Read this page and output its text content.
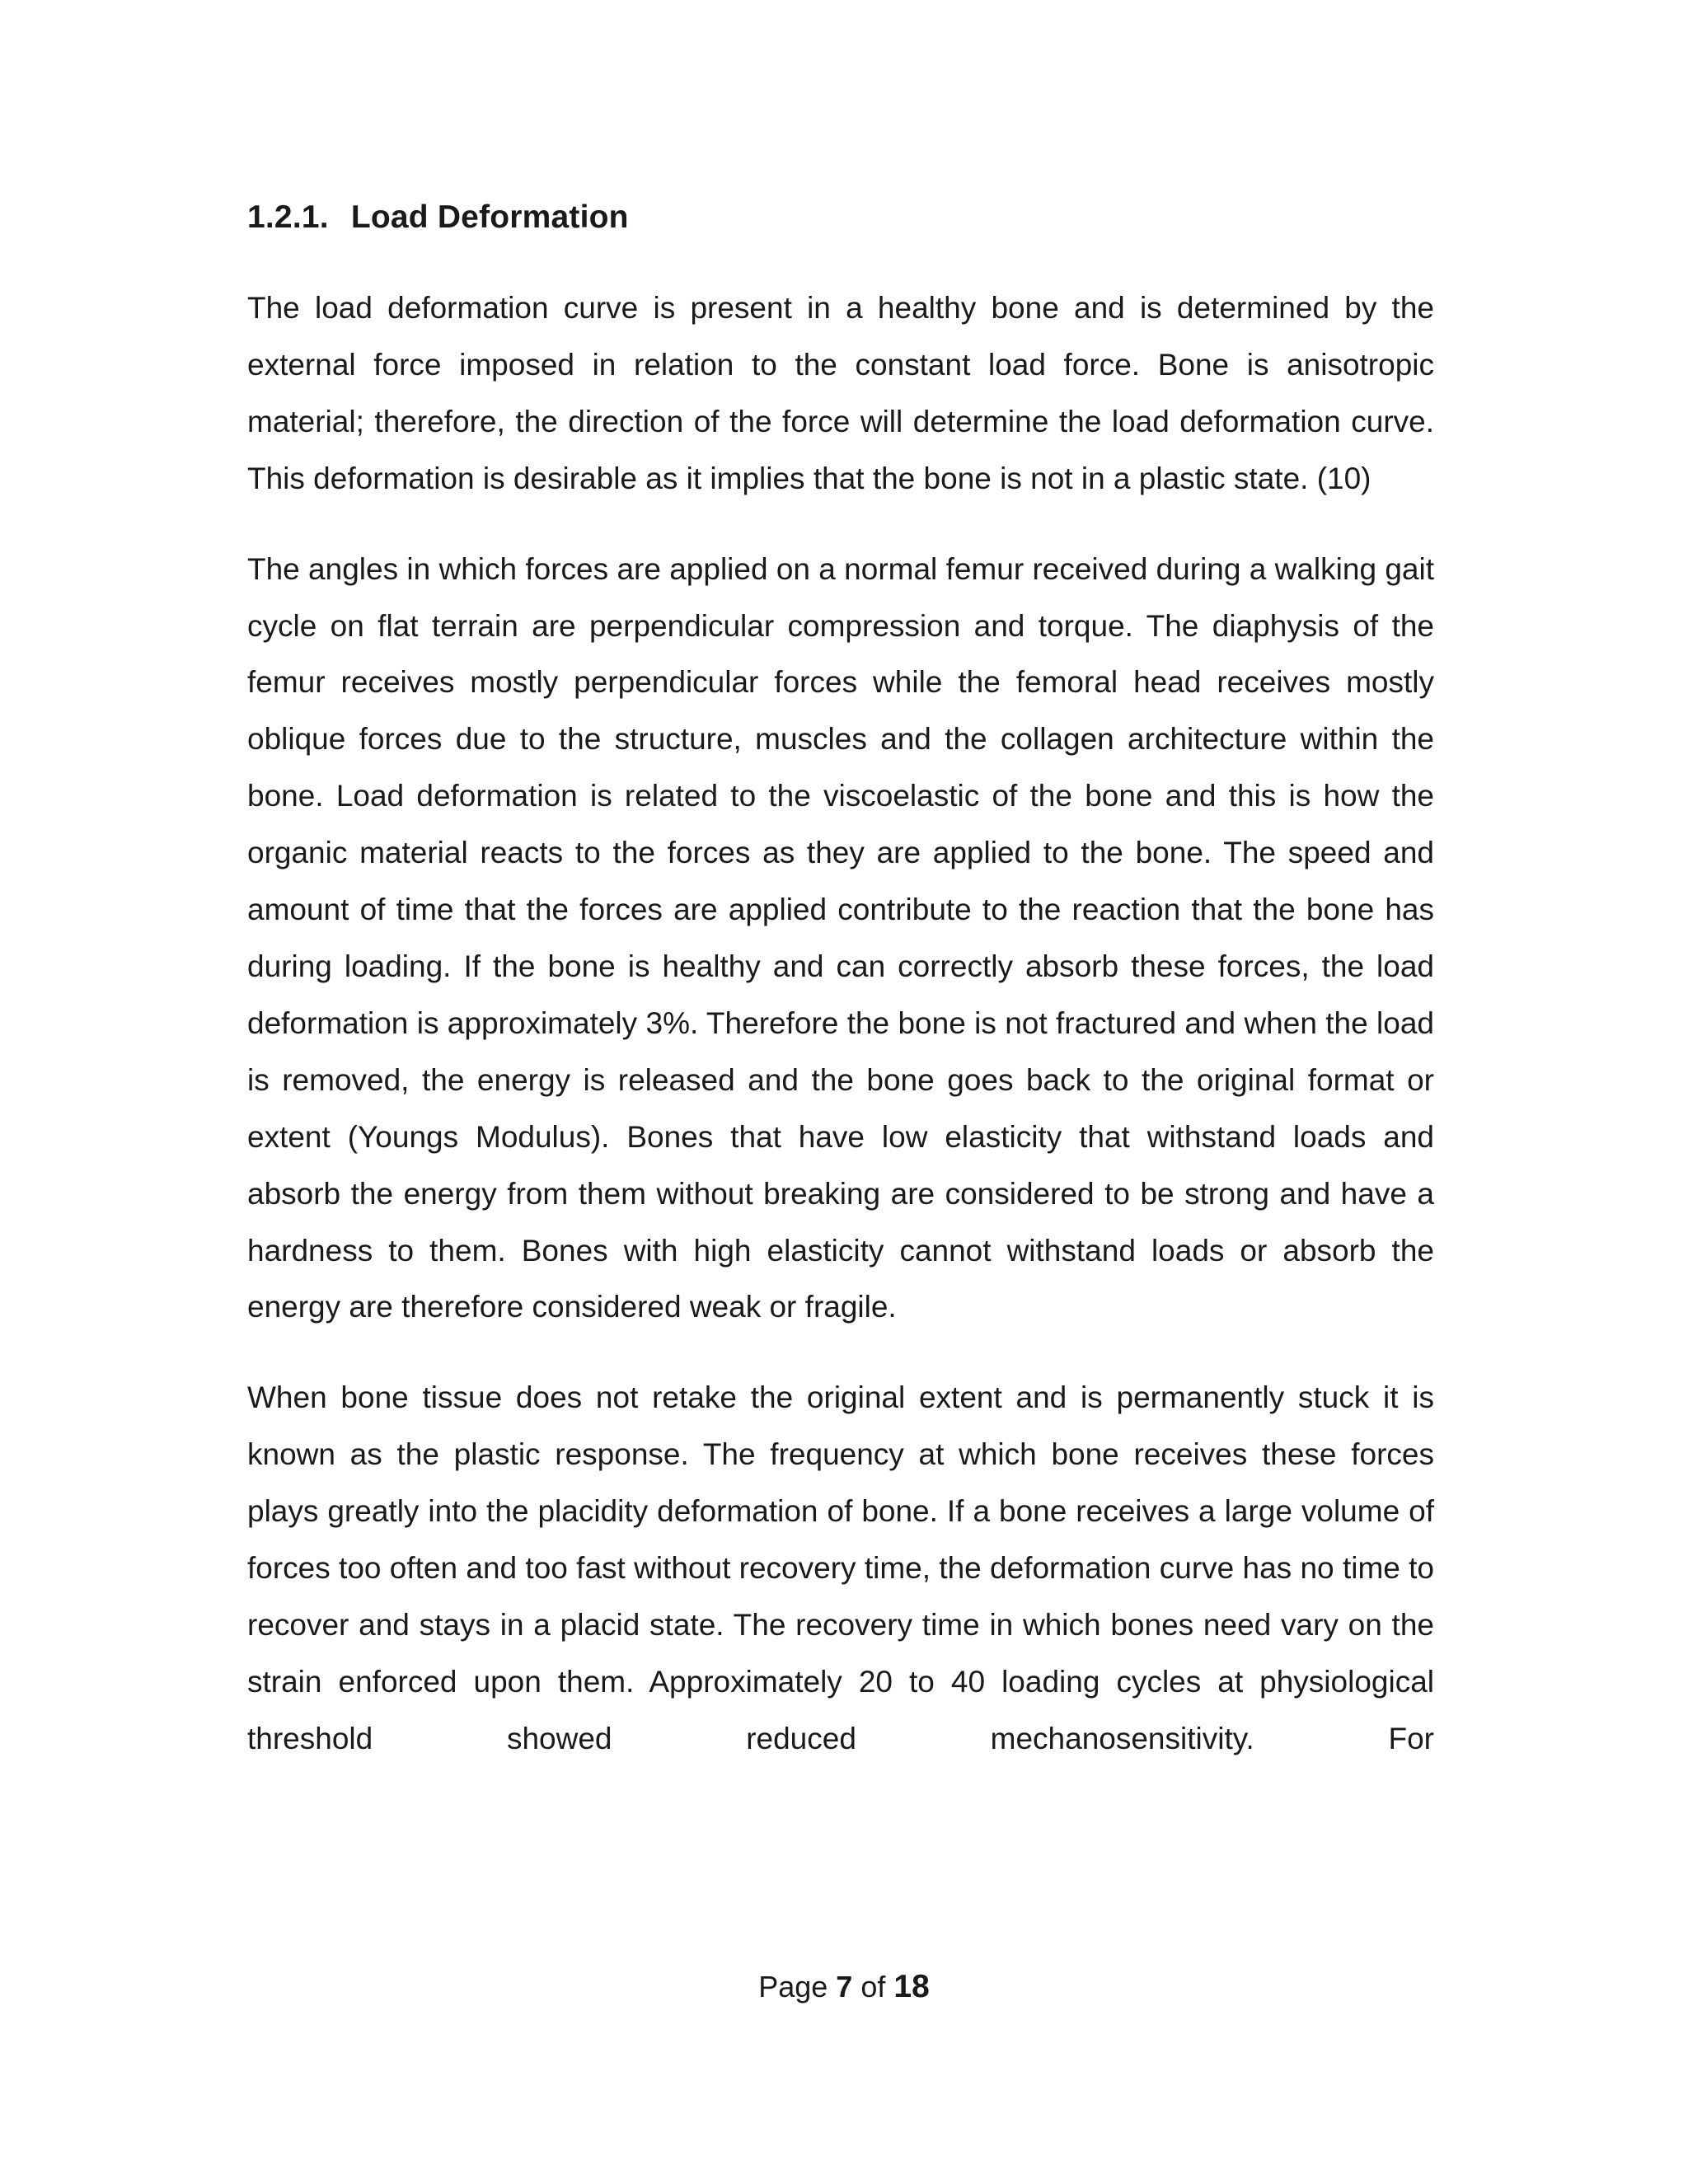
1.2.1. Load Deformation

The load deformation curve is present in a healthy bone and is determined by the external force imposed in relation to the constant load force. Bone is anisotropic material; therefore, the direction of the force will determine the load deformation curve. This deformation is desirable as it implies that the bone is not in a plastic state. (10)

The angles in which forces are applied on a normal femur received during a walking gait cycle on flat terrain are perpendicular compression and torque. The diaphysis of the femur receives mostly perpendicular forces while the femoral head receives mostly oblique forces due to the structure, muscles and the collagen architecture within the bone. Load deformation is related to the viscoelastic of the bone and this is how the organic material reacts to the forces as they are applied to the bone. The speed and amount of time that the forces are applied contribute to the reaction that the bone has during loading. If the bone is healthy and can correctly absorb these forces, the load deformation is approximately 3%. Therefore the bone is not fractured and when the load is removed, the energy is released and the bone goes back to the original format or extent (Youngs Modulus). Bones that have low elasticity that withstand loads and absorb the energy from them without breaking are considered to be strong and have a hardness to them. Bones with high elasticity cannot withstand loads or absorb the energy are therefore considered weak or fragile.

When bone tissue does not retake the original extent and is permanently stuck it is known as the plastic response. The frequency at which bone receives these forces plays greatly into the placidity deformation of bone. If a bone receives a large volume of forces too often and too fast without recovery time, the deformation curve has no time to recover and stays in a placid state. The recovery time in which bones need vary on the strain enforced upon them. Approximately 20 to 40 loading cycles at physiological threshold showed reduced mechanosensitivity. For

Page 7 of 18
